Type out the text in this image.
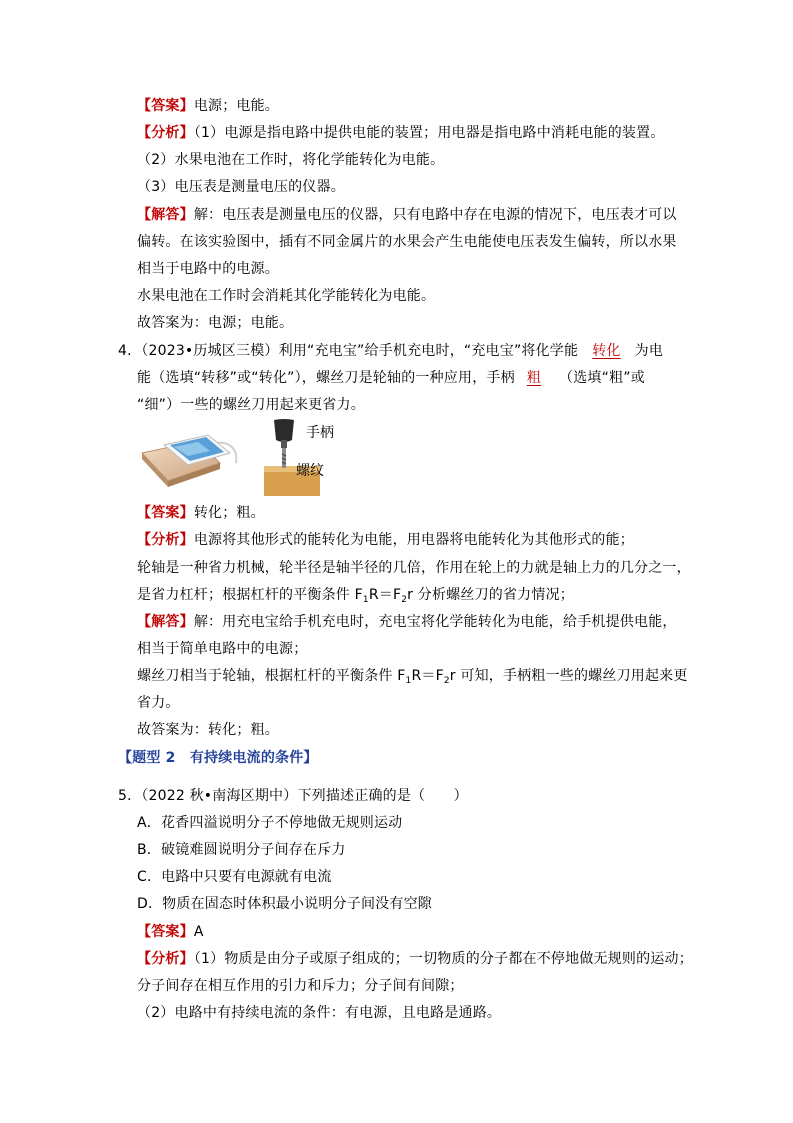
【答案】电源；电能。
【分析】（1）电源是指电路中提供电能的装置；用电器是指电路中消耗电能的装置。
（2）水果电池在工作时，将化学能转化为电能。
（3）电压表是测量电压的仪器。
【解答】解：电压表是测量电压的仪器，只有电路中存在电源的情况下，电压表才可以
偏转。在该实验图中，插有不同金属片的水果会产生电能使电压表发生偏转，所以水果
相当于电路中的电源。
水果电池在工作时会消耗其化学能转化为电能。
故答案为：电源；电能。
4．（2023•历城区三模）利用“充电宝”给手机充电时，“充电宝”将化学能 转化 为电
能（选填“转移”或“转化”），螺丝刀是轮轴的一种应用，手柄 粗 （选填“粗”或
“细”）一些的螺丝刀用起来更省力。
手柄
螺纹
【答案】转化；粗。
【分析】电源将其他形式的能转化为电能，用电器将电能转化为其他形式的能；
轮轴是一种省力机械，轮半径是轴半径的几倍，作用在轮上的力就是轴上力的几分之一，
是省力杠杆；根据杠杆的平衡条件 $F_1R=F_2r$ 分析螺丝刀的省力情况；
【解答】解：用充电宝给手机充电时，充电宝将化学能转化为电能，给手机提供电能，
相当于简单电路中的电源；
螺丝刀相当于轮轴，根据杠杆的平衡条件 $F_1R=F_2r$ 可知，手柄粗一些的螺丝刀用起来更
省力。
故答案为：转化；粗。
【题型 2　有持续电流的条件】
5．（2022 秋•南海区期中）下列描述正确的是（　　）
A．花香四溢说明分子不停地做无规则运动
B．破镜难圆说明分子间存在斥力
C．电路中只要有电源就有电流
D．物质在固态时体积最小说明分子间没有空隙
【答案】A
【分析】（1）物质是由分子或原子组成的；一切物质的分子都在不停地做无规则的运动；
分子间存在相互作用的引力和斥力；分子间有间隙；
（2）电路中有持续电流的条件：有电源，且电路是通路。
